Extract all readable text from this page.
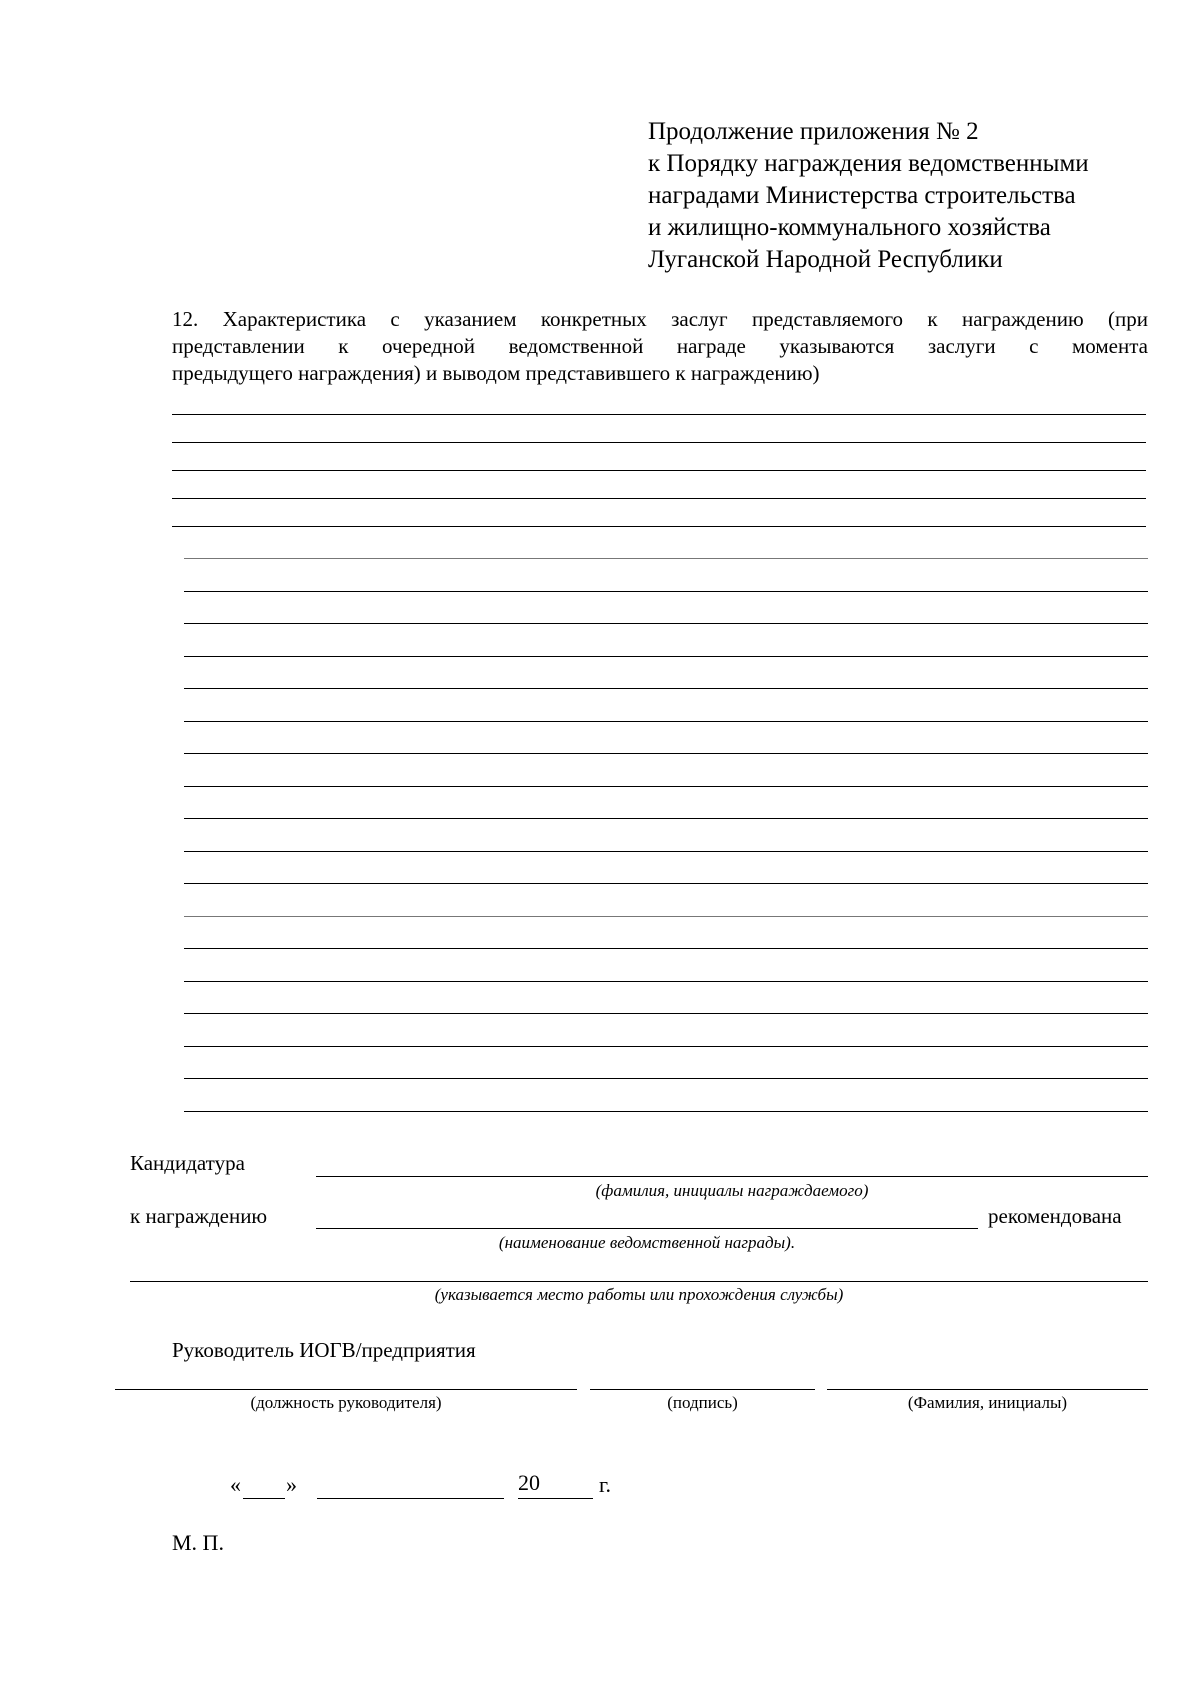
Продолжение приложения № 2
к Порядку награждения ведомственными
наградами Министерства строительства
и жилищно-коммунального хозяйства
Луганской Народной Республики
12. Характеристика с указанием конкретных заслуг представляемого к награждению (при
представлении к очередной ведомственной награде указываются заслуги с момента
предыдущего награждения) и выводом представившего к награждению)
Кандидатура
(фамилия, инициалы награждаемого)
к награждению	рекомендована
(наименование ведомственной награды).
(указывается место работы или прохождения службы)
Руководитель ИОГВ/предприятия
(должность руководителя)	(подпись)	(Фамилия, инициалы)
« »	20	г.
М. П.
